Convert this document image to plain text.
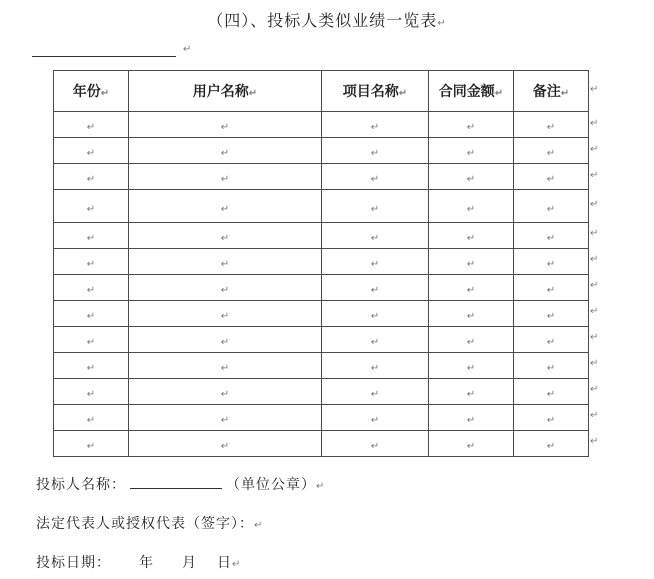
（四）、投标人类似业绩一览表↵
↵
年份↵	用户名称↵	项目名称↵	合同金额↵	备注↵
↵	↵	↵	↵	↵
↵	↵	↵	↵	↵
↵	↵	↵	↵	↵
↵	↵	↵	↵	↵
↵	↵	↵	↵	↵
↵	↵	↵	↵	↵
↵	↵	↵	↵	↵
↵	↵	↵	↵	↵
↵	↵	↵	↵	↵
↵	↵	↵	↵	↵
↵	↵	↵	↵	↵
↵	↵	↵	↵	↵
↵	↵	↵	↵	↵
↵
↵
↵
↵
↵
↵
↵
↵
↵
↵
↵
↵
↵
↵
投标人名称：	（单位公章）↵
法定代表人或授权代表（签字）：↵
投标日期： 年 月 日↵
